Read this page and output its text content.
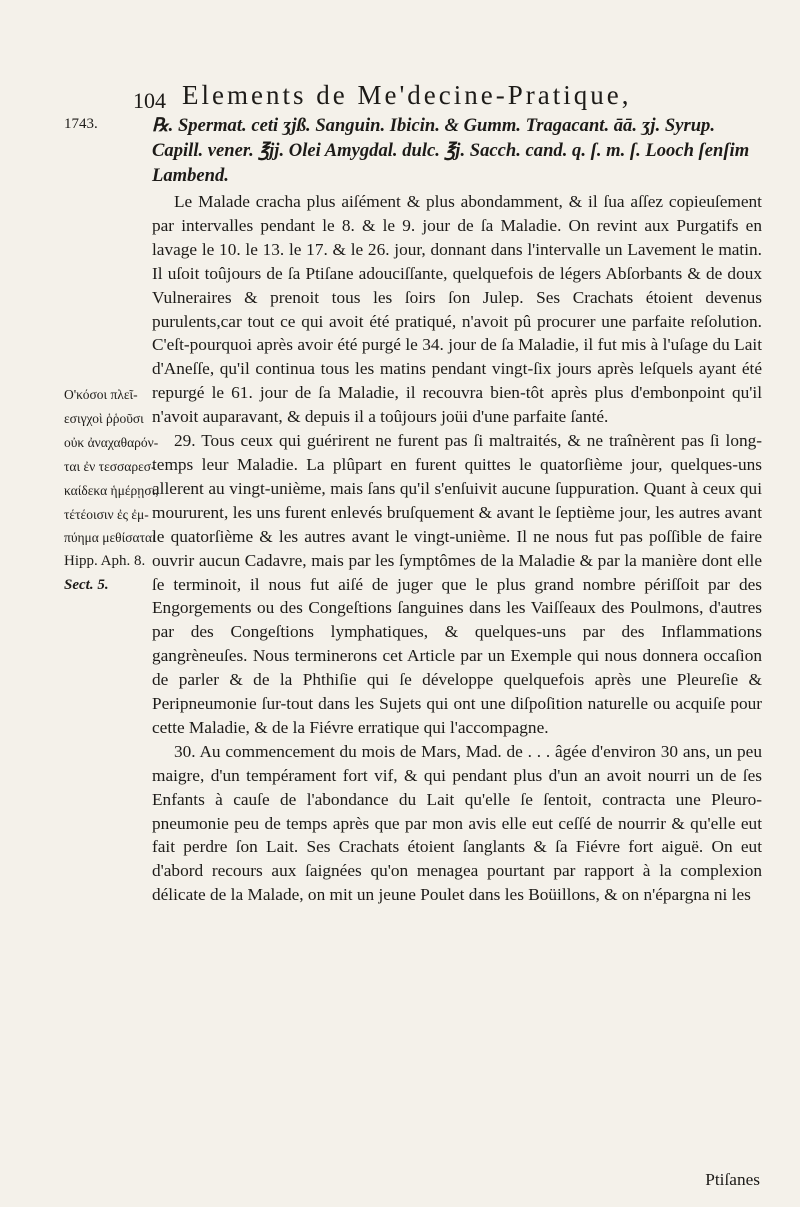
104 Elements de Me'decine-Pratique,
1743.	℞. Spermat. ceti ʒjß. Sanguin. Ibicin. & Gumm. Tragacant. āā. ʒj. Syrup. Capill. vener. ℥jj. Olei Amygdal. dulc. ℥j. Sacch. cand. q. ſ. m. ſ. Looch ſenſim Lambend.

Le Malade cracha plus aiſément & plus abondamment, & il ſua aſſez copieuſement par intervalles pendant le 8. & le 9. jour de ſa Maladie. On revint aux Purgatifs en lavage le 10. le 13. le 17. & le 26. jour, donnant dans l'intervalle un Lavement le matin. Il uſoit toûjours de ſa Ptiſane adouciſſante, quelquefois de légers Abſorbants & de doux Vulneraires & prenoit tous les ſoirs ſon Julep. Ses Crachats étoient devenus purulents,car tout ce qui avoit été pratiqué, n'avoit pû procurer une parfaite reſolution. C'eſt-pourquoi après avoir été purgé le 34. jour de ſa Maladie, il fut mis à l'uſage du Lait d'Aneſſe, qu'il continua tous les matins pendant vingt-ſix jours après leſquels ayant été repurgé le 61. jour de ſa Maladie, il recouvra bien-tôt après plus d'embonpoint qu'il n'avoit auparavant, & depuis il a toûjours joüi d'une parfaite ſanté.

29. Tous ceux qui guérirent ne furent pas ſi maltraités, & ne traînèrent pas ſi long-temps leur Maladie. La plûpart en furent quittes le quatorſième jour, quelques-uns allerent au vingt-unième, mais ſans qu'il s'enſuivit aucune ſuppuration. Quant à ceux qui moururent, les uns furent enlevés bruſquement & avant le ſeptième jour, les autres avant le quatorſième & les autres avant le vingt-unième. Il ne nous fut pas poſſible de faire ouvrir aucun Cadavre, mais par les ſymptômes de la Maladie & par la manière dont elle ſe terminoit, il nous fut aiſé de juger que le plus grand nombre périſſoit par des Engorgements ou des Congeſtions ſanguines dans les Vaiſſeaux des Poulmons, d'autres par des Congeſtions lymphatiques, & quelques-uns par des Inflammations gangrèneuſes. Nous terminerons cet Article par un Exemple qui nous donnera occaſion de parler & de la Phthiſie qui ſe développe quelquefois après une Pleureſie & Peripneumonie ſur-tout dans les Sujets qui ont une diſpoſition naturelle ou acquiſe pour cette Maladie, & de la Fiévre erratique qui l'accompagne.

30. Au commencement du mois de Mars, Mad. de . . . âgée d'environ 30 ans, un peu maigre, d'un tempérament fort vif, & qui pendant plus d'un an avoit nourri un de ſes Enfants à cauſe de l'abondance du Lait qu'elle ſe ſentoit, contracta une Pleuro-pneumonie peu de temps après que par mon avis elle eut ceſſé de nourrir & qu'elle eut fait perdre ſon Lait. Ses Crachats étoient ſanglants & ſa Fiévre fort aiguë. On eut d'abord recours aux ſaignées qu'on menagea pourtant par rapport à la complexion délicate de la Malade, on mit un jeune Poulet dans les Boüillons, & on n'épargna ni les

O'κόσοι πλεῖ-
εσιγχοὶ ῥῥοῦσι
οὐκ ἀναχαθαρόν-
ται ἐν τεσσαρεσ-
καίδεκα ἡμέρῃσι,
τέτέοισιν ἐς ἐμ-
πύημα μεθίσαται
Hipp. Aph. 8.
Sect. 5.
Ptiſanes
